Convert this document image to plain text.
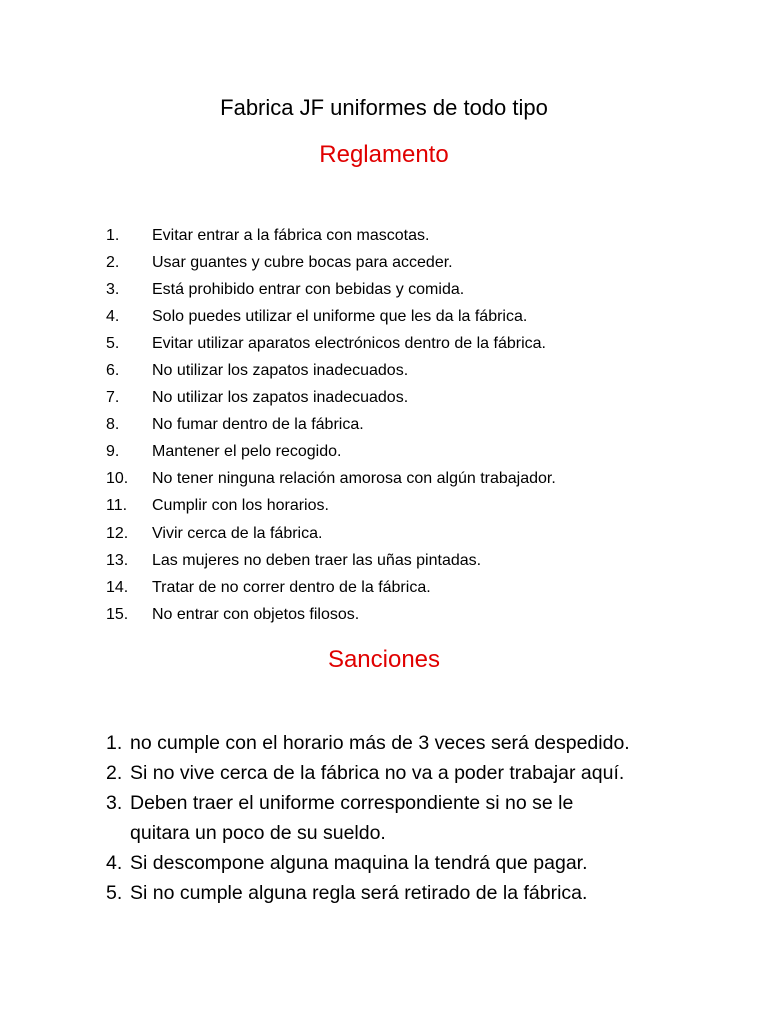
Fabrica JF uniformes de todo tipo
Reglamento
1.	Evitar entrar a la fábrica con mascotas.
2.	Usar guantes y cubre bocas para acceder.
3.	Está prohibido entrar con bebidas y comida.
4.	Solo puedes utilizar el uniforme que les da la fábrica.
5.	Evitar utilizar aparatos electrónicos dentro de la fábrica.
6.	No utilizar los zapatos inadecuados.
7.	No utilizar los zapatos inadecuados.
8.	No fumar dentro de la fábrica.
9.	Mantener el pelo recogido.
10.	No tener ninguna relación amorosa con algún trabajador.
11.	Cumplir con los horarios.
12.	Vivir cerca de la fábrica.
13.	Las mujeres no deben traer las uñas pintadas.
14.	Tratar de no correr dentro de la fábrica.
15.	No entrar con objetos filosos.
Sanciones
1. no cumple con el horario más de 3 veces será despedido.
2. Si no vive cerca de la fábrica no va a poder trabajar aquí.
3. Deben traer el uniforme correspondiente si no se le quitara un poco de su sueldo.
4. Si descompone alguna maquina la tendrá que pagar.
5. Si no cumple alguna regla será retirado de la fábrica.
